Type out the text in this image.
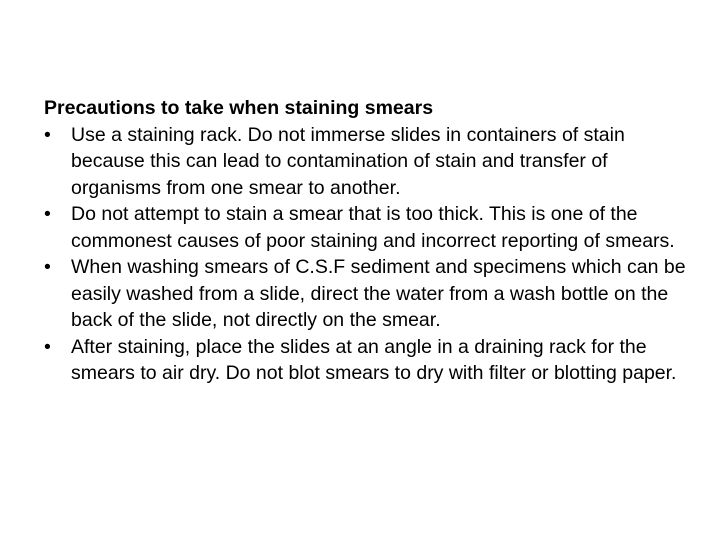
Precautions to take when staining smears

• Use a staining rack. Do not immerse slides in containers of stain because this can lead to contamination of stain and transfer of organisms from one smear to another.
• Do not attempt to stain a smear that is too thick. This is one of the commonest causes of poor staining and incorrect reporting of smears.
• When washing smears of C.S.F sediment and specimens which can be easily washed from a slide, direct the water from a wash bottle on the back of the slide, not directly on the smear.
• After staining, place the slides at an angle in a draining rack for the smears to air dry. Do not blot smears to dry with filter or blotting paper.
